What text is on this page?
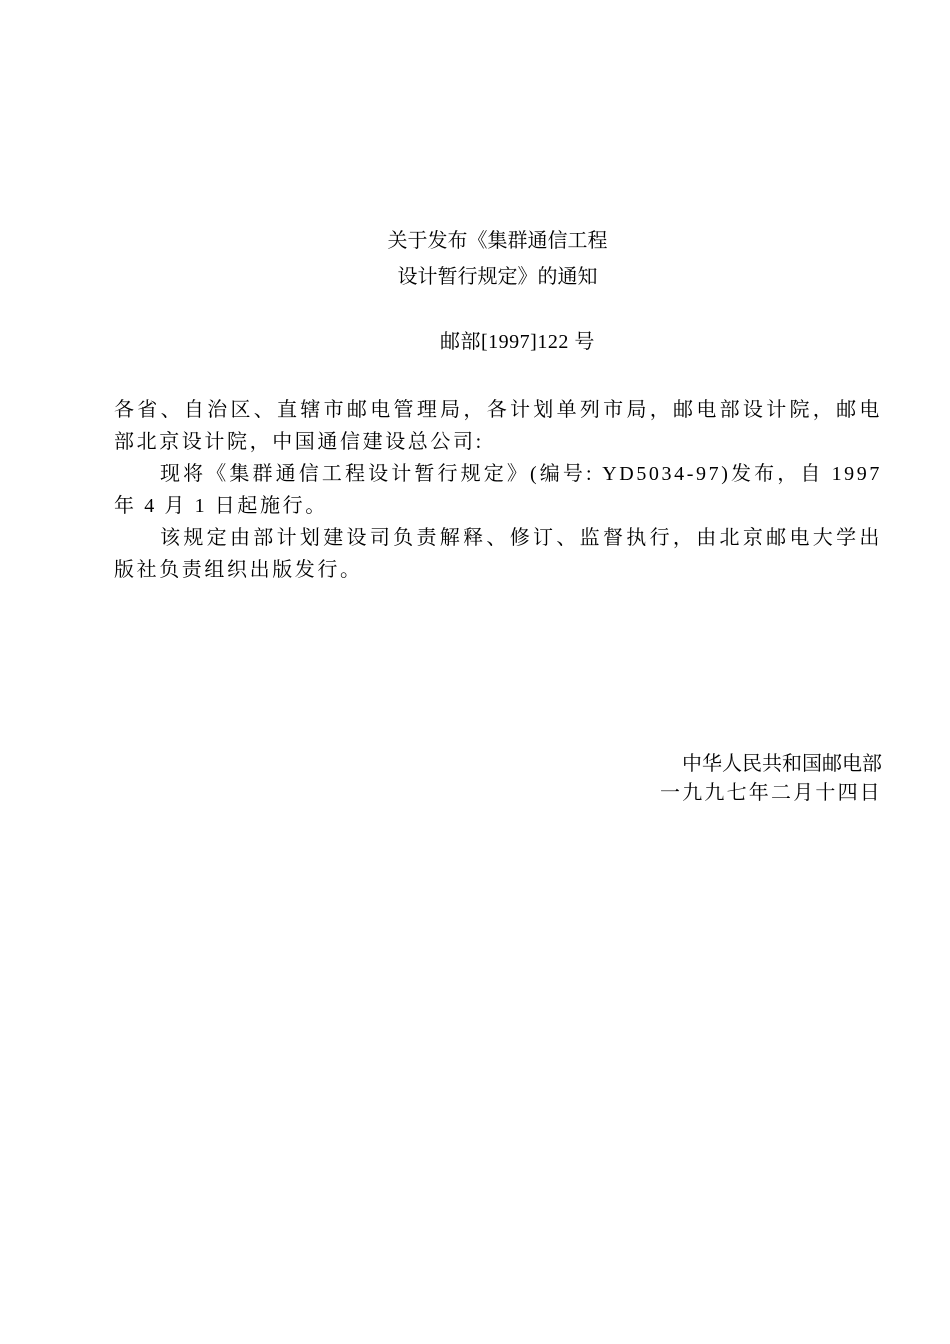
关于发布《集群通信工程
设计暂行规定》的通知
邮部[1997]122 号

各省、自治区、直辖市邮电管理局，各计划单列市局，邮电部设计院，邮电部北京设计院，中国通信建设总公司:

现将《集群通信工程设计暂行规定》(编号: YD5034-97)发布，自 1997 年 4 月 1 日起施行。

该规定由部计划建设司负责解释、修订、监督执行，由北京邮电大学出版社负责组织出版发行。

中华人民共和国邮电部
一九九七年二月十四日
